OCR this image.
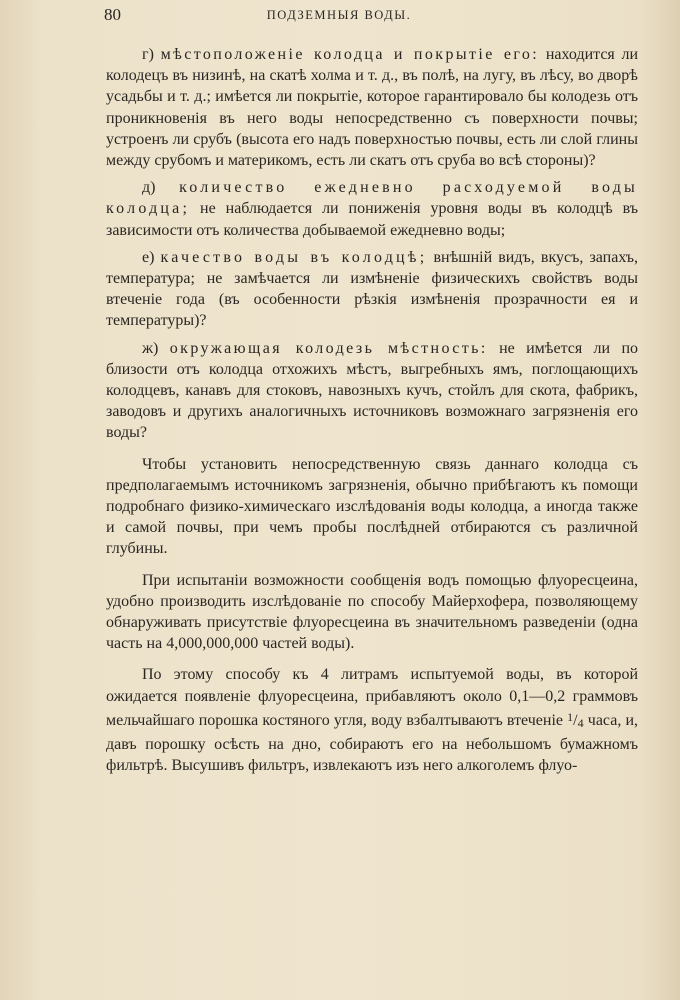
80	ПОДЗЕМНЫЯ ВОДЫ.

г) мѣстоположеніе колодца и покрытіе его: находится ли колодецъ въ низинѣ, на скатѣ холма и т. д., въ полѣ, на лугу, въ лѣсу, во дворѣ усадьбы и т. д.; имѣется ли покрытіе, которое гарантировало бы колодезь отъ проникновенія въ него воды непосредственно съ поверхности почвы; устроенъ ли срубъ (высота его надъ поверхностью почвы, есть ли слой глины между срубомъ и материкомъ, есть ли скатъ отъ сруба во всѣ стороны)?

д) количество ежедневно расходуемой воды колодца; не наблюдается ли пониженія уровня воды въ колодцѣ въ зависимости отъ количества добываемой ежедневно воды;

е) качество воды въ колодцѣ; внѣшній видъ, вкусъ, запахъ, температура; не замѣчается ли измѣненіе физическихъ свойствъ воды втеченіе года (въ особенности рѣзкія измѣненія прозрачности ея и температуры)?

ж) окружающая колодезь мѣстность: не имѣется ли по близости отъ колодца отхожихъ мѣстъ, выгребныхъ ямъ, поглощающихъ колодцевъ, канавъ для стоковъ, навозныхъ кучъ, стойлъ для скота, фабрикъ, заводовъ и другихъ аналогичныхъ источниковъ возможнаго загрязненія его воды?

Чтобы установить непосредственную связь даннаго колодца съ предполагаемымъ источникомъ загрязненія, обычно прибѣгаютъ къ помощи подробнаго физико-химическаго изслѣдованія воды колодца, а иногда также и самой почвы, при чемъ пробы послѣдней отбираются съ различной глубины.

При испытаніи возможности сообщенія водъ помощью флуоресцеина, удобно производить изслѣдованіе по способу Майерхофера, позволяющему обнаруживать присутствіе флуоресцеина въ значительномъ разведеніи (одна часть на 4,000,000,000 частей воды).

По этому способу къ 4 литрамъ испытуемой воды, въ которой ожидается появленіе флуоресцеина, прибавляютъ около 0,1—0,2 граммовъ мельчайшаго порошка костяного угля, воду взбалтываютъ втеченіе $^1$/4 часа, и, давъ порошку осѣсть на дно, собираютъ его на небольшомъ бумажномъ фильтрѣ. Высушивъ фильтръ, извлекаютъ изъ него алкоголемъ флуо-
